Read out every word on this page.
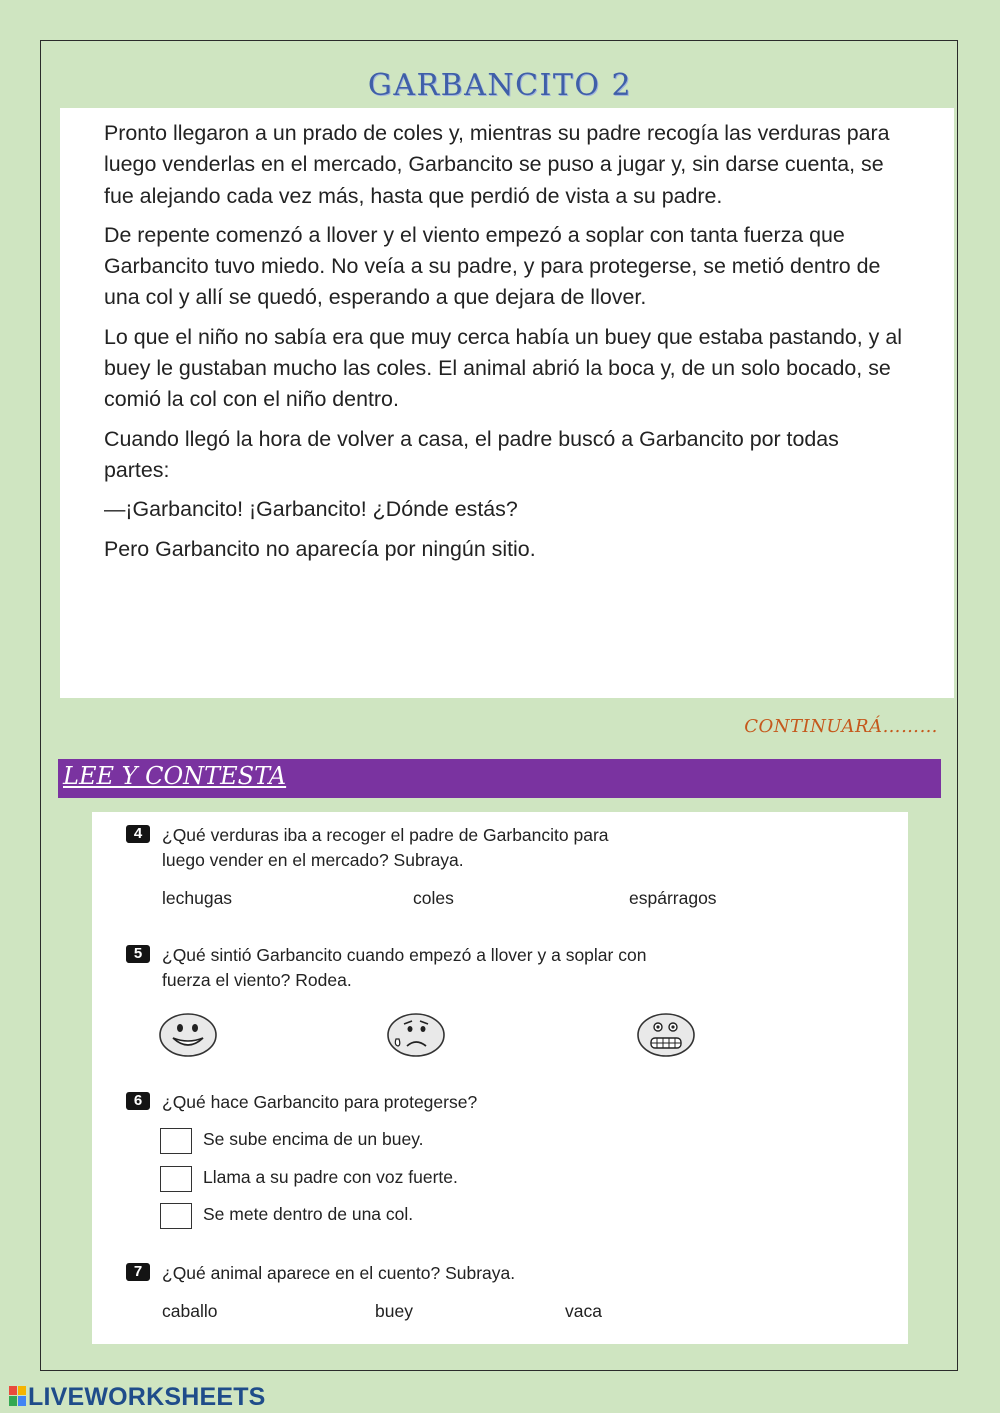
GARBANCITO 2

Pronto llegaron a un prado de coles y, mientras su padre recogía las verduras para luego venderlas en el mercado, Garbancito se puso a jugar y, sin darse cuenta, se fue alejando cada vez más, hasta que perdió de vista a su padre.

De repente comenzó a llover y el viento empezó a soplar con tanta fuerza que Garbancito tuvo miedo. No veía a su padre, y para protegerse, se metió dentro de una col y allí se quedó, esperando a que dejara de llover.

Lo que el niño no sabía era que muy cerca había un buey que estaba pastando, y al buey le gustaban mucho las coles. El animal abrió la boca y, de un solo bocado, se comió la col con el niño dentro.

Cuando llegó la hora de volver a casa, el padre buscó a Garbancito por todas partes:

—¡Garbancito! ¡Garbancito! ¿Dónde estás?

Pero Garbancito no aparecía por ningún sitio.

CONTINUARÁ………
LEE Y CONTESTA
4	¿Qué verduras iba a recoger el padre de Garbancito para
luego vender en el mercado? Subraya.
lechugas	coles	espárragos
5	¿Qué sintió Garbancito cuando empezó a llover y a soplar con
fuerza el viento? Rodea.
6	¿Qué hace Garbancito para protegerse?
Se sube encima de un buey.
Llama a su padre con voz fuerte.
Se mete dentro de una col.
7	¿Qué animal aparece en el cuento? Subraya.
caballo	buey	vaca
LIVEWORKSHEETS
